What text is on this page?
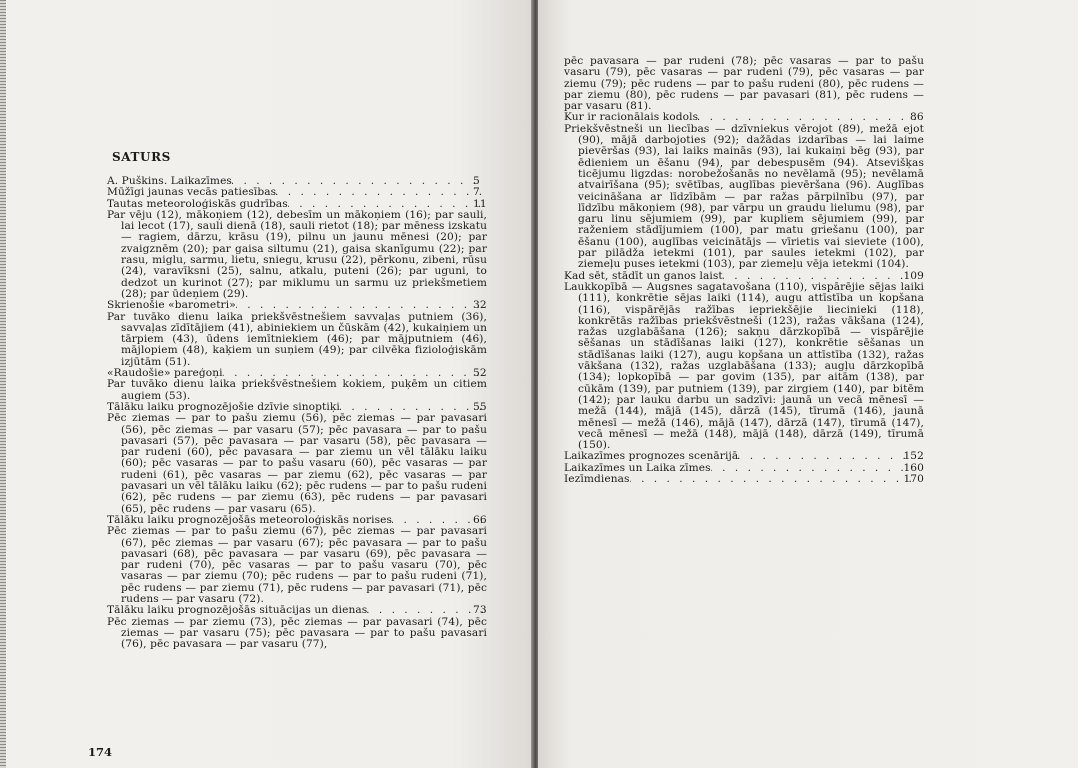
SATURS
A. Puškins. Laikazīmes . . .	5
Mūžīgi jaunas vecās patiesības . . .	7
Tautas meteoroloģiskās gudrības . . .	11
Par vēju (12), mākoņiem (12), debesīm un mākoņiem (16); par sauli, lai lecot (17), sauli dienā (18), sauli rietot (18); par mēness izskatu — ragiem, dārzu, krāsu (19), pilnu un jaunu mēnesi (20); par zvaigznēm (20); par gaisa siltumu (21), gaisa skanīgumu (22); par rasu, miglu, sarmu, lietu, sniegu, krusu (22), pērkonu, zibeni, rūsu (24), varavīksni (25), salnu, atkalu, puteni (26); par uguni, to dedzot un kurinot (27); par miklumu un sarmu uz priekšmetiem (28); par ūdeņiem (29).
Skrienošie «barometri» . . .	32
Par tuvāko dienu laika priekšvēstnešiem savvaļas putniem (36), savvaļas zīdītājiem (41), abiniekiem un čūskām (42), kukaiņiem un tārpiem (43), ūdens iemītniekiem (46); par mājputniem (46), mājlopiem (48), kaķiem un suņiem (49); par cilvēka fizioloģiskām izjūtām (51).
«Raudošie» pareģoņi . . .	52
Par tuvāko dienu laika priekšvēstnešiem kokiem, puķēm un citiem augiem (53).
Tālāku laiku prognozējošie dzīvie sinoptiķi . . .	55
Pēc ziemas — par to pašu ziemu (56), pēc ziemas — par pavasari (56), pēc ziemas — par vasaru (57); pēc pavasara — par to pašu pavasari (57), pēc pavasara — par vasaru (58), pēc pavasara — par rudeni (60), pēc pavasara — par ziemu un vēl tālāku laiku (60); pēc vasaras — par to pašu vasaru (60), pēc vasaras — par rudeni (61), pēc vasaras — par ziemu (62), pēc vasaras — par pavasari un vēl tālāku laiku (62); pēc rudens — par to pašu rudeni (62), pēc rudens — par ziemu (63), pēc rudens — par pavasari (65), pēc rudens — par vasaru (65).
Tālāku laiku prognozējošās meteoroloģiskās norises . . .	66
Pēc ziemas — par to pašu ziemu (67), pēc ziemas — par pavasari (67), pēc ziemas — par vasaru (67); pēc pavasara — par to pašu pavasari (68), pēc pavasara — par vasaru (69), pēc pavasara — par rudeni (70), pēc vasaras — par to pašu vasaru (70), pēc vasaras — par ziemu (70); pēc rudens — par to pašu rudeni (71), pēc rudens — par ziemu (71), pēc rudens — par pavasari (71), pēc rudens — par vasaru (72).
Tālāku laiku prognozējošās situācijas un dienas . . .	73
Pēc ziemas — par ziemu (73), pēc ziemas — par pavasari (74), pēc ziemas — par vasaru (75); pēc pavasara — par to pašu pavasari (76), pēc pavasara — par vasaru (77),
174
pēc pavasara — par rudeni (78); pēc vasaras — par to pašu vasaru (79), pēc vasaras — par rudeni (79), pēc vasaras — par ziemu (79); pēc rudens — par to pašu rudeni (80), pēc rudens — par ziemu (80), pēc rudens — par pavasari (81), pēc rudens — par vasaru (81).
Kur ir racionālais kodols . . .	86
Priekšvēstneši un liecības — dzīvniekus vērojot (89), mežā ejot (90), mājā darbojoties (92); dažādas izdarības — lai laime pievēršas (93), lai laiks mainās (93), lai kukaiņi bēg (93), par ēdieniem un ēšanu (94), par debespusēm (94). Atsevišķas ticējumu ligzdas: norobežošanās no nevēlamā (95); nevēlamā atvairīšana (95); svētības, auglības pievēršana (96). Auglības veicināšana ar līdzībām — par ražas pārpilnību (97), par līdzību mākoņiem (98), par vārpu un graudu lielumu (98), par garu linu sējumiem (99), par kupliem sējumiem (99), par raženiem stādījumiem (100), par matu griešanu (100), par ēšanu (100), auglības veicinātājs — vīrietis vai sieviete (100), par pilādža ietekmi (101), par saules ietekmi (102), par ziemeļu puses ietekmi (103), par ziemeļu vēja ietekmi (104).
Kad sēt, stādīt un ganos laist . . .	109
Laukkopībā — Augsnes sagatavošana (110), vispārējie sējas laiki (111), konkrētie sējas laiki (114), augu attīstība un kopšana (116), vispārējās ražības iepriekšējie liecinieki (118), konkrētās ražības priekšvēstneši (123), ražas vākšana (124), ražas uzglabāšana (126); sakņu dārzkopībā — vispārējie sēšanas un stādīšanas laiki (127), konkrētie sēšanas un stādīšanas laiki (127), augu kopšana un attīstība (132), ražas vākšana (132), ražas uzglabāšana (133); augļu dārzkopībā (134); lopkopībā — par govim (135), par aitām (138), par cūkām (139), par putniem (139), par zirgiem (140), par bitēm (142); par lauku darbu un sadzīvi: jaunā un vecā mēnesī — mežā (144), mājā (145), dārzā (145), tīrumā (146), jaunā mēnesī — mežā (146), mājā (147), dārzā (147), tīrumā (147), vecā mēnesī — mežā (148), mājā (148), dārzā (149), tīrumā (150).
Laikazīmes prognozes scenārijā . . .	152
Laikazīmes un Laika zīmes . . .	160
Iezīmdienas . . .	170
